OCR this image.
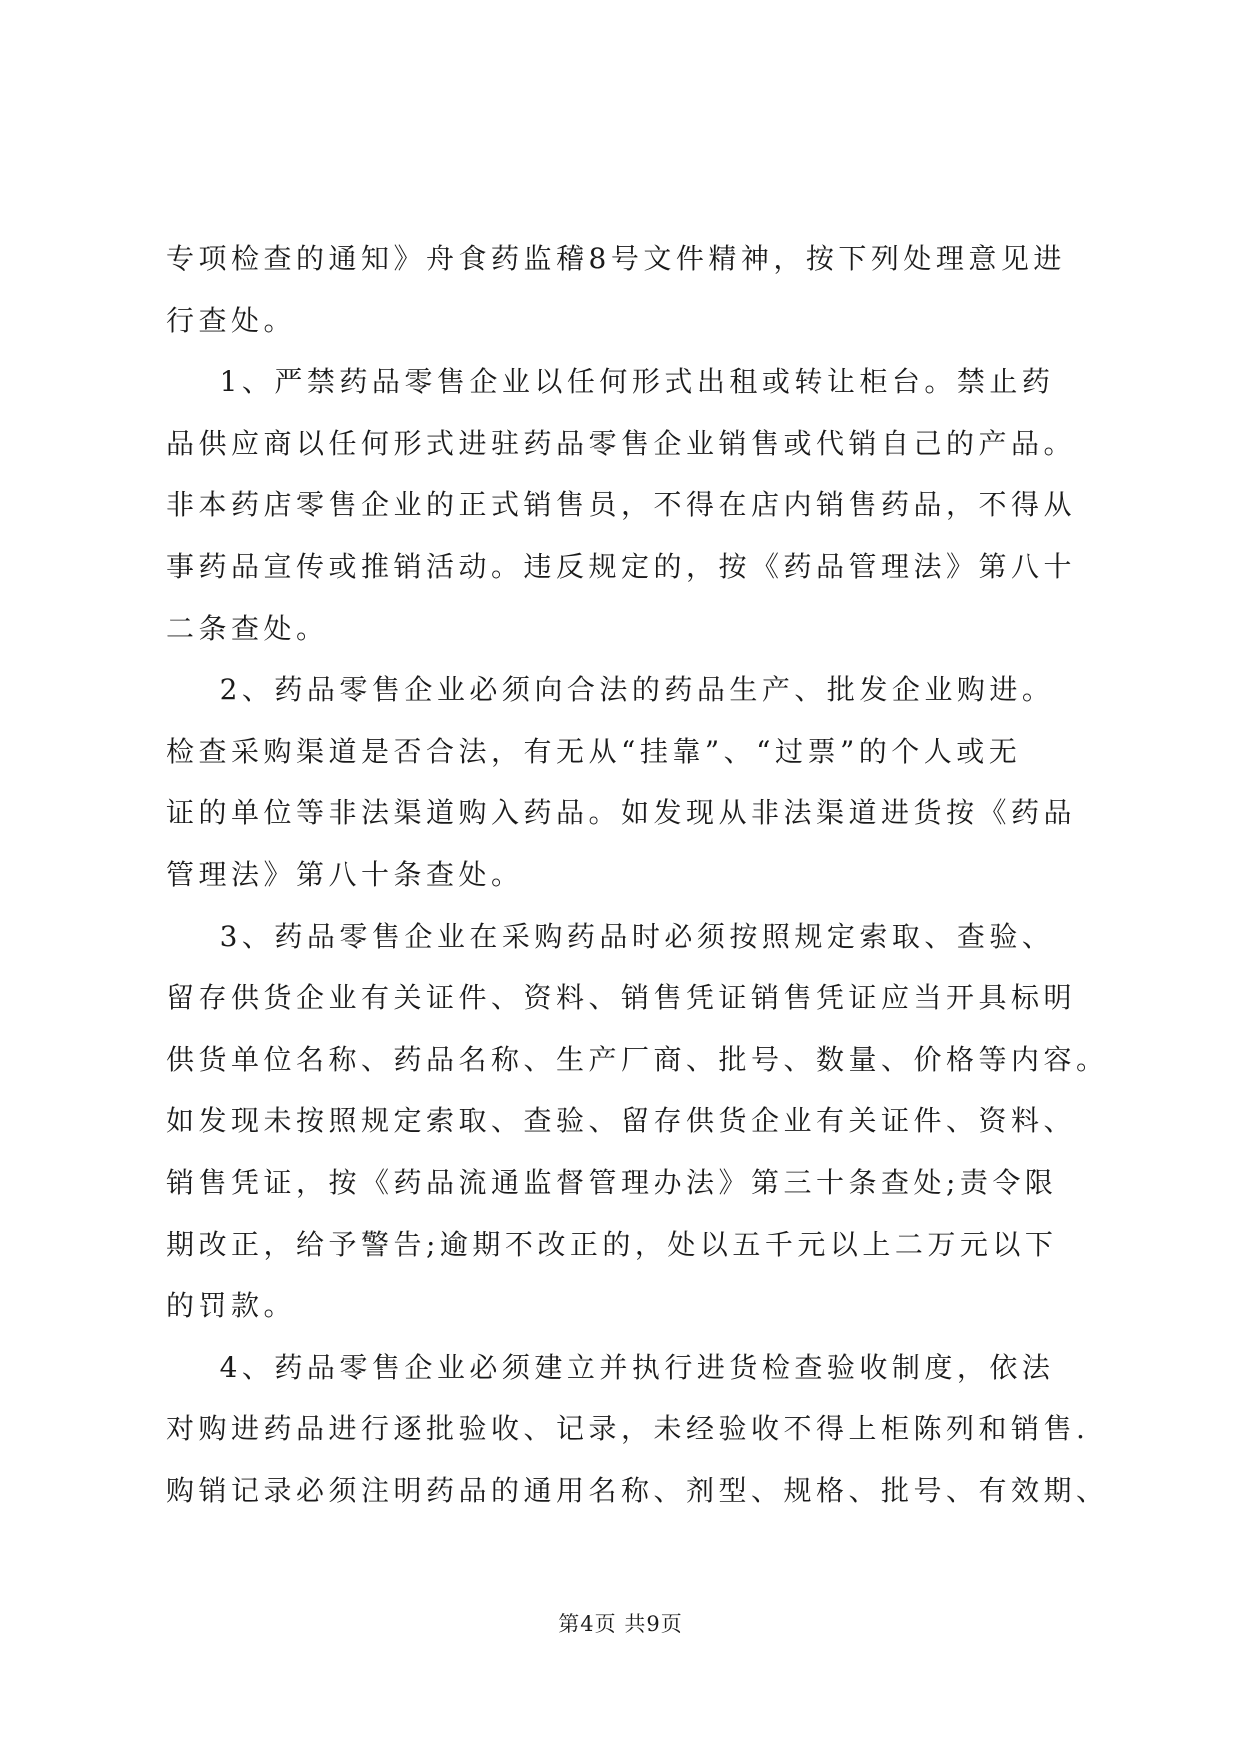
专项检查的通知》舟食药监稽8号文件精神，按下列处理意见进
行查处。
1、严禁药品零售企业以任何形式出租或转让柜台。禁止药
品供应商以任何形式进驻药品零售企业销售或代销自己的产品。
非本药店零售企业的正式销售员，不得在店内销售药品，不得从
事药品宣传或推销活动。违反规定的，按《药品管理法》第八十
二条查处。
2、药品零售企业必须向合法的药品生产、批发企业购进。
检查采购渠道是否合法，有无从“挂靠”、“过票”的个人或无
证的单位等非法渠道购入药品。如发现从非法渠道进货按《药品
管理法》第八十条查处。
3、药品零售企业在采购药品时必须按照规定索取、查验、
留存供货企业有关证件、资料、销售凭证销售凭证应当开具标明
供货单位名称、药品名称、生产厂商、批号、数量、价格等内容。
如发现未按照规定索取、查验、留存供货企业有关证件、资料、
销售凭证，按《药品流通监督管理办法》第三十条查处;责令限
期改正，给予警告;逾期不改正的，处以五千元以上二万元以下
的罚款。
4、药品零售企业必须建立并执行进货检查验收制度，依法
对购进药品进行逐批验收、记录，未经验收不得上柜陈列和销售.
购销记录必须注明药品的通用名称、剂型、规格、批号、有效期、
第4页 共9页
